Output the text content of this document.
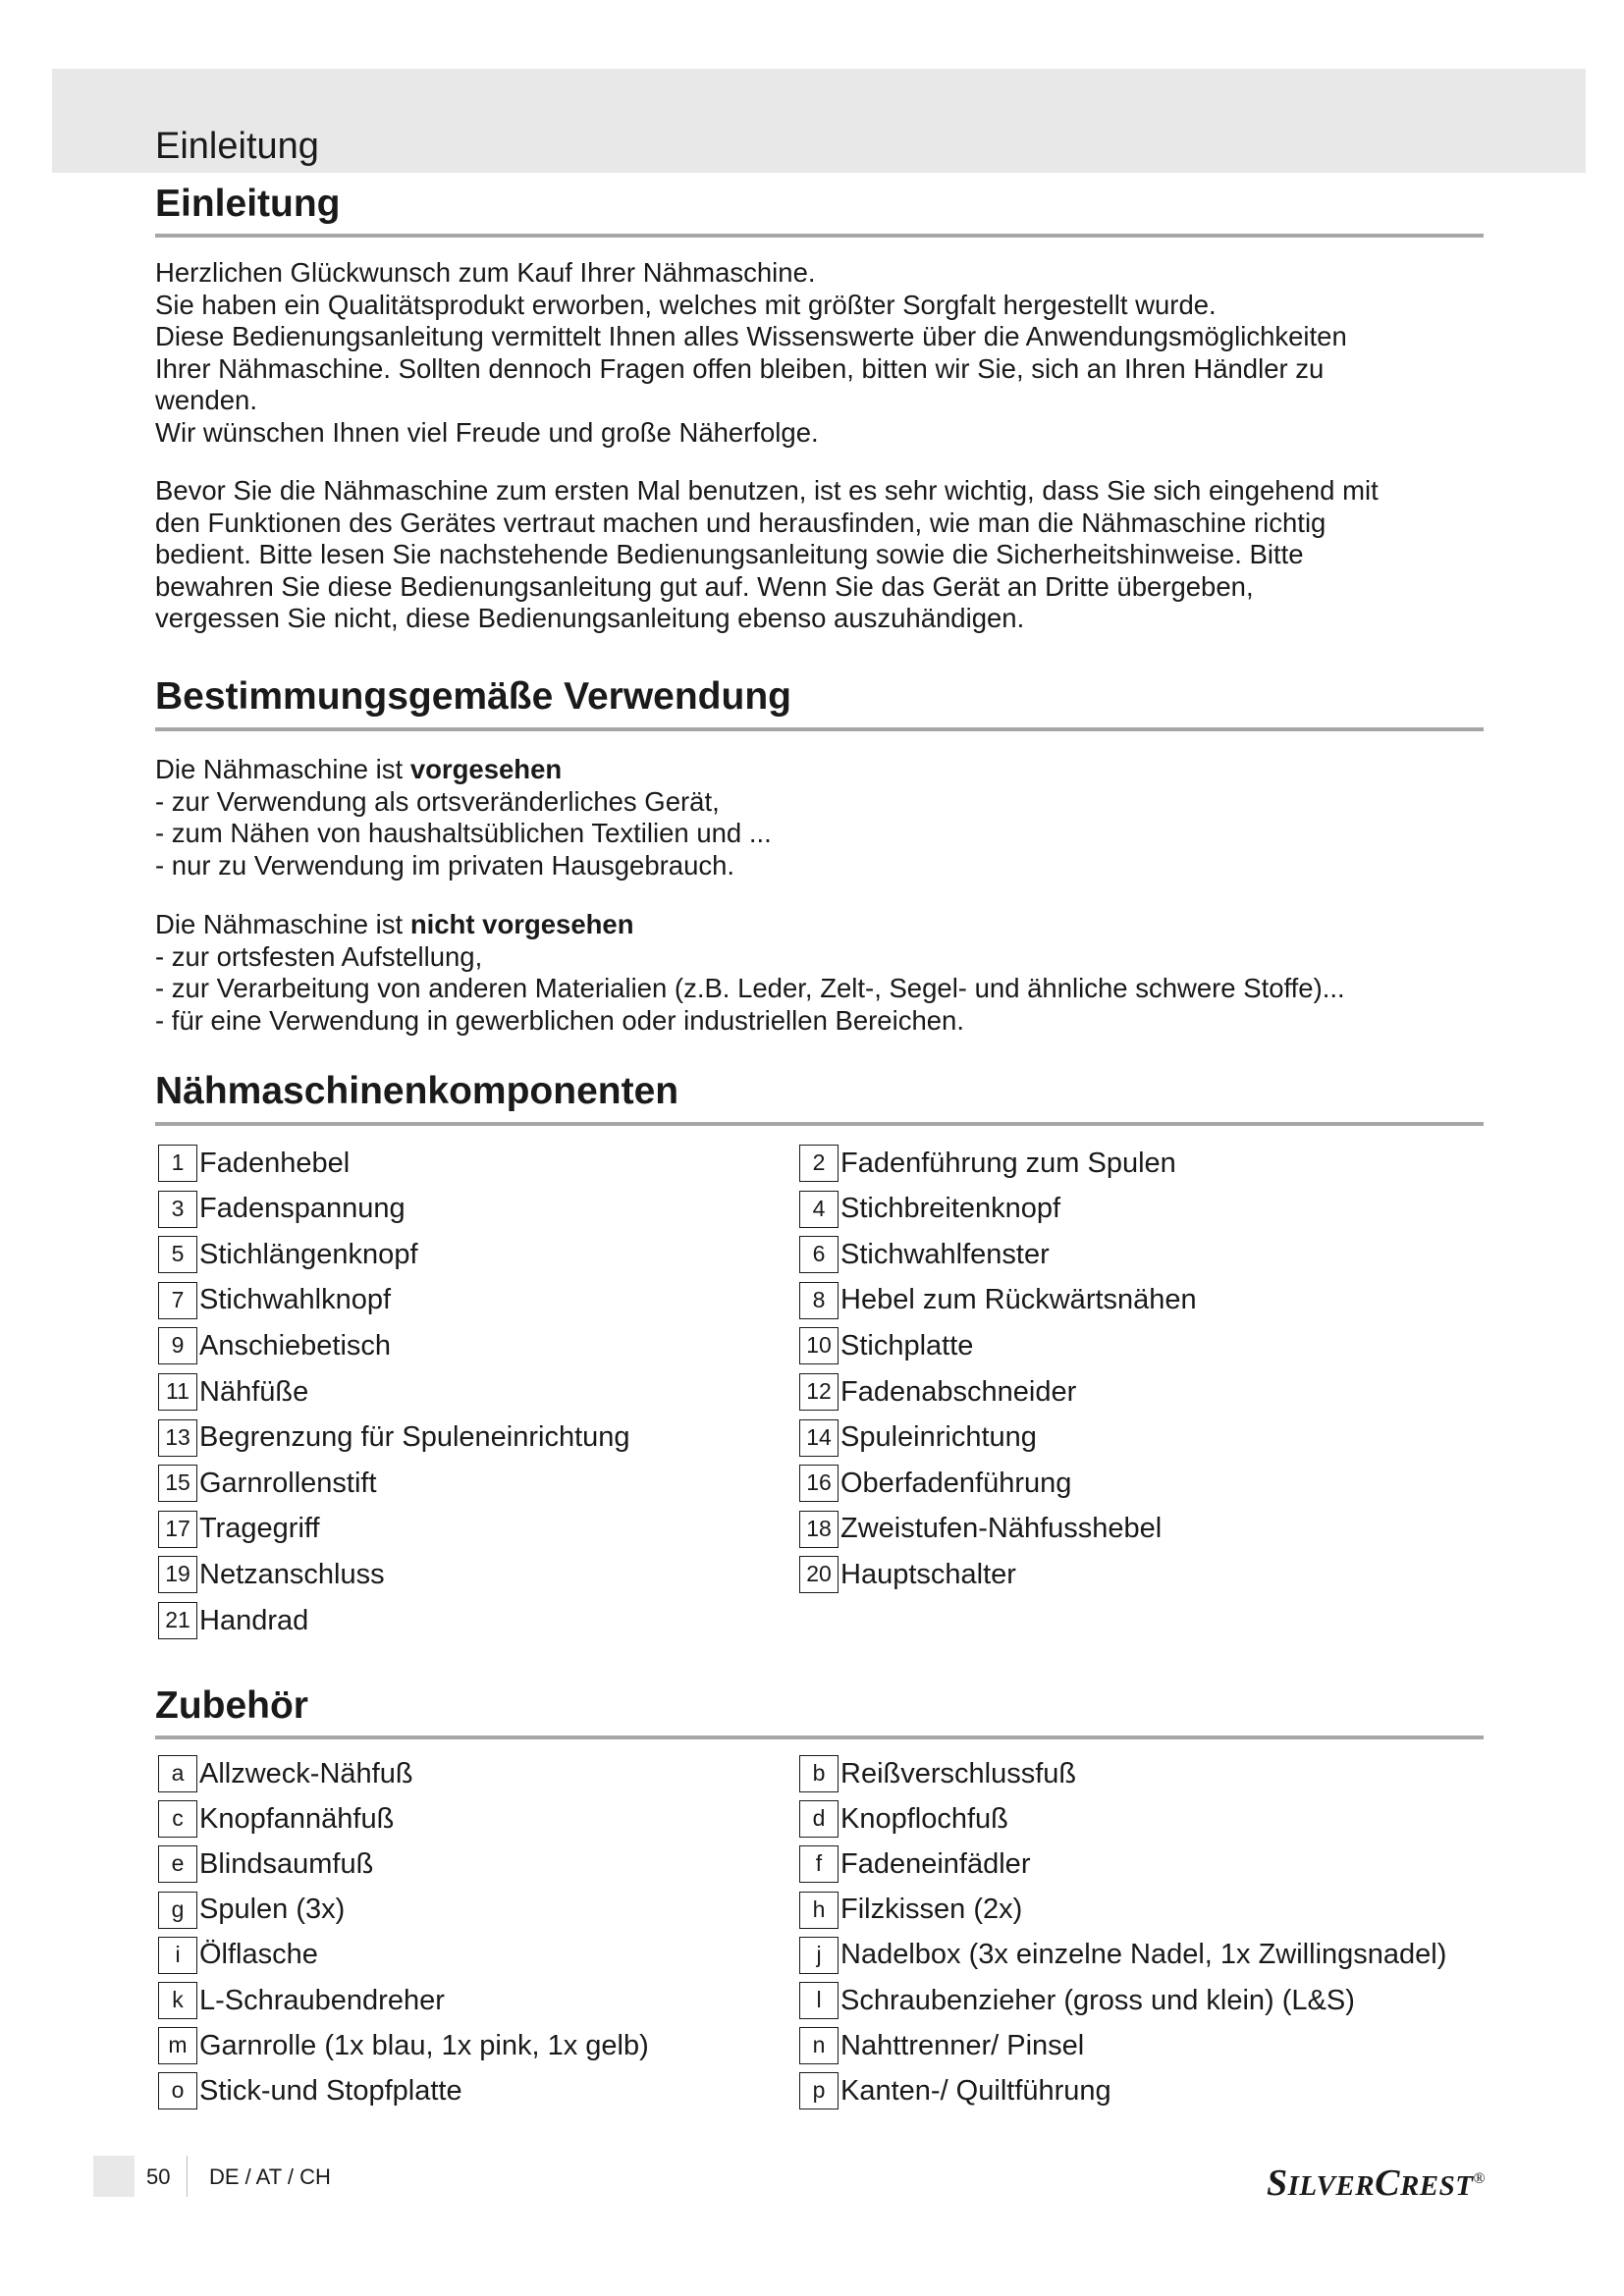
Einleitung
Einleitung

Herzlichen Glückwunsch zum Kauf Ihrer Nähmaschine.

Sie haben ein Qualitätsprodukt erworben, welches mit größter Sorgfalt hergestellt wurde.

Diese Bedienungsanleitung vermittelt Ihnen alles Wissenswerte über die Anwendungsmöglichkeiten

Ihrer Nähmaschine. Sollten dennoch Fragen offen bleiben, bitten wir Sie, sich an Ihren Händler zu

wenden.

Wir wünschen Ihnen viel Freude und große Näherfolge.

Bevor Sie die Nähmaschine zum ersten Mal benutzen, ist es sehr wichtig, dass Sie sich eingehend mit

den Funktionen des Gerätes vertraut machen und herausfinden, wie man die Nähmaschine richtig

bedient. Bitte lesen Sie nachstehende Bedienungsanleitung sowie die Sicherheitshinweise. Bitte

bewahren Sie diese Bedienungsanleitung gut auf. Wenn Sie das Gerät an Dritte übergeben,

vergessen Sie nicht, diese Bedienungsanleitung ebenso auszuhändigen.

Bestimmungsgemäße Verwendung

Die Nähmaschine ist vorgesehen

- zur Verwendung als ortsveränderliches Gerät,

- zum Nähen von haushaltsüblichen Textilien und ...

- nur zu Verwendung im privaten Hausgebrauch.

Die Nähmaschine ist nicht vorgesehen

- zur ortsfesten Aufstellung,

- zur Verarbeitung von anderen Materialien (z.B. Leder, Zelt-, Segel- und ähnliche schwere Stoffe)...

- für eine Verwendung in gewerblichen oder industriellen Bereichen.

Nähmaschinenkomponenten
1 Fadenhebel	2 Fadenführung zum Spulen
3 Fadenspannung	4 Stichbreitenknopf
5 Stichlängenknopf	6 Stichwahlfenster
7 Stichwahlknopf	8 Hebel zum Rückwärtsnähen
9 Anschiebetisch	10 Stichplatte
11 Nähfüße	12 Fadenabschneider
13 Begrenzung für Spuleneinrichtung	14 Spuleinrichtung
15 Garnrollenstift	16 Oberfadenführung
17 Tragegriff	18 Zweistufen-Nähfusshebel
19 Netzanschluss	20 Hauptschalter
21 Handrad
Zubehör
a Allzweck-Nähfuß	b Reißverschlussfuß
c Knopfannähfuß	d Knopflochfuß
e Blindsaumfuß	f Fadeneinfädler
g Spulen (3x)	h Filzkissen (2x)
i Ölflasche	j Nadelbox (3x einzelne Nadel, 1x Zwillingsnadel)
k L-Schraubendreher	l Schraubenzieher (gross und klein) (L&S)
m Garnrolle (1x blau, 1x pink, 1x gelb)	n Nahttrenner/ Pinsel
o Stick-und Stopfplatte	p Kanten-/ Quiltführung
50 DE / AT / CH	SILVERCREST®
